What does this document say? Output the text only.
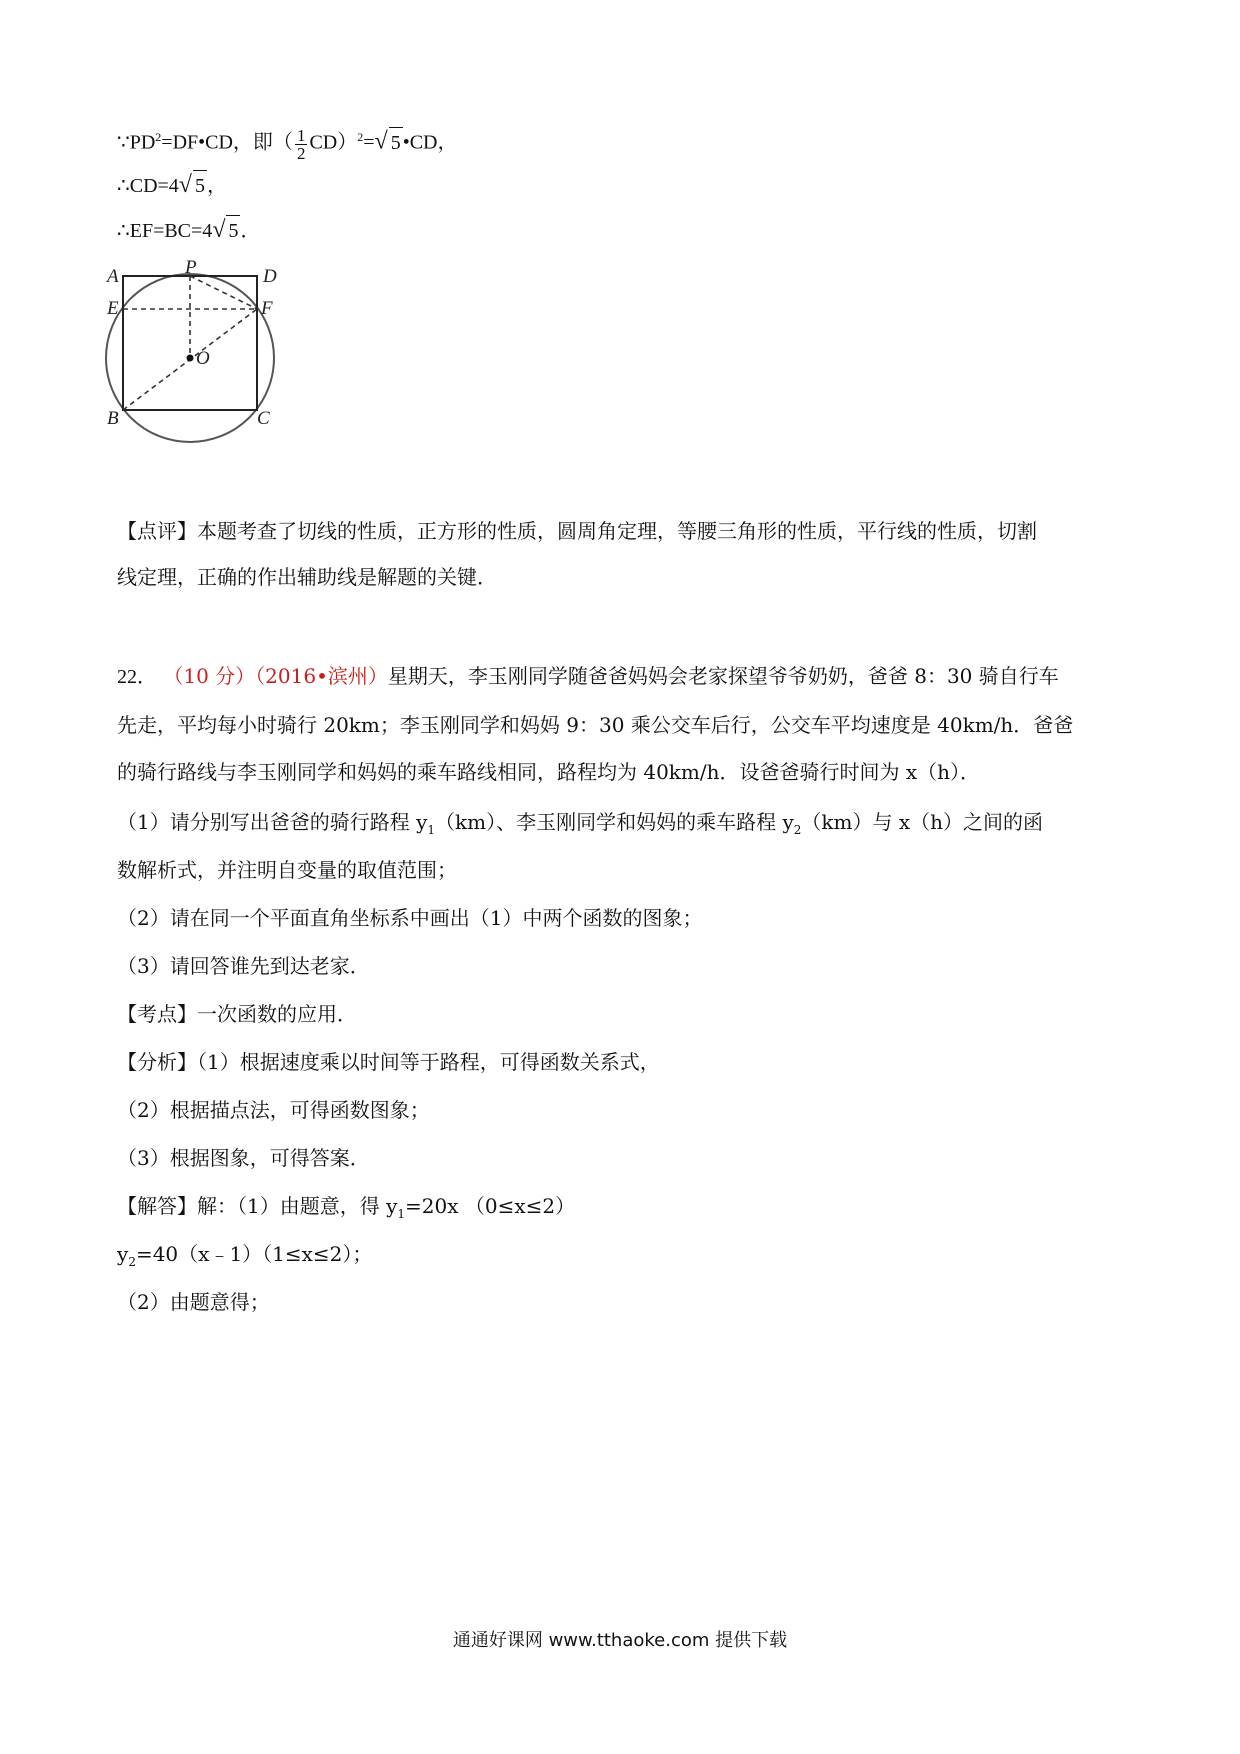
$\because PD^2=DF•CD$，即（ $\frac{1}{2} CD)^2=√$ 5 •CD，
∴CD=4√ 5 ，
∴EF=BC=4√ 5 ．
A	P	D
E	F
O
B	C
【点评】本题考查了切线的性质，正方形的性质，圆周角定理，等腰三角形的性质，平行线的性质，切割
线定理，正确的作出辅助线是解题的关键．
22． （10 分）（2016•滨州）星期天，李玉刚同学随爸爸妈妈会老家探望爷爷奶奶，爸爸 8：30 骑自行车
先走，平均每小时骑行 20km；李玉刚同学和妈妈 9：30 乘公交车后行，公交车平均速度是 40km/h．爸爸
的骑行路线与李玉刚同学和妈妈的乘车路线相同，路程均为 40km/h．设爸爸骑行时间为 x（h）．
（1）请分别写出爸爸的骑行路程 $y_1(km)$、李玉刚同学和妈妈的乘车路程 $y_2(km)$与 x（h）之间的函
数解析式，并注明自变量的取值范围；
（2）请在同一个平面直角坐标系中画出（1）中两个函数的图象；
（3）请回答谁先到达老家．
【考点】一次函数的应用．
【分析】（1）根据速度乘以时间等于路程，可得函数关系式，
（2）根据描点法，可得函数图象；
（3）根据图象，可得答案．
【解答】解：（1）由题意，得 $y_1=20x$ （0≤x≤2）
$y_2=40(x﹣1)(1\le x\le 2)$；
（2）由题意得；
通通好课网 www.tthaoke.com 提供下载
